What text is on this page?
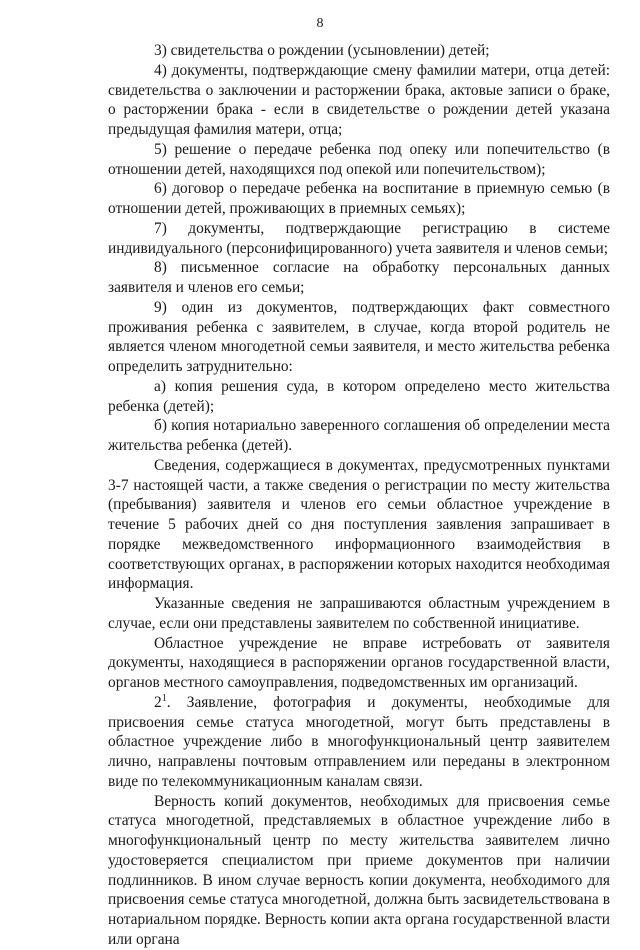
8

3) свидетельства о рождении (усыновлении) детей;

4) документы, подтверждающие смену фамилии матери, отца детей: свидетельства о заключении и расторжении брака, актовые записи о браке, о расторжении брака - если в свидетельстве о рождении детей указана предыдущая фамилия матери, отца;

5) решение о передаче ребенка под опеку или попечительство (в отношении детей, находящихся под опекой или попечительством);

6) договор о передаче ребенка на воспитание в приемную семью (в отношении детей, проживающих в приемных семьях);

7) документы, подтверждающие регистрацию в системе индивидуального (персонифицированного) учета заявителя и членов семьи;

8) письменное согласие на обработку персональных данных заявителя и членов его семьи;

9) один из документов, подтверждающих факт совместного проживания ребенка с заявителем, в случае, когда второй родитель не является членом многодетной семьи заявителя, и место жительства ребенка определить затруднительно:

а) копия решения суда, в котором определено место жительства ребенка (детей);

б) копия нотариально заверенного соглашения об определении места жительства ребенка (детей).

Сведения, содержащиеся в документах, предусмотренных пунктами 3-7 настоящей части, а также сведения о регистрации по месту жительства (пребывания) заявителя и членов его семьи областное учреждение в течение 5 рабочих дней со дня поступления заявления запрашивает в порядке межведомственного информационного взаимодействия в соответствующих органах, в распоряжении которых находится необходимая информация.

Указанные сведения не запрашиваются областным учреждением в случае, если они представлены заявителем по собственной инициативе.

Областное учреждение не вправе истребовать от заявителя документы, находящиеся в распоряжении органов государственной власти, органов местного самоуправления, подведомственных им организаций.

$2^1$. Заявление, фотография и документы, необходимые для присвоения семье статуса многодетной, могут быть представлены в областное учреждение либо в многофункциональный центр заявителем лично, направлены почтовым отправлением или переданы в электронном виде по телекоммуникационным каналам связи.

Верность копий документов, необходимых для присвоения семье статуса многодетной, представляемых в областное учреждение либо в многофункциональный центр по месту жительства заявителем лично удостоверяется специалистом при приеме документов при наличии подлинников. В ином случае верность копии документа, необходимого для присвоения семье статуса многодетной, должна быть засвидетельствована в нотариальном порядке. Верность копии акта органа государственной власти или органа
